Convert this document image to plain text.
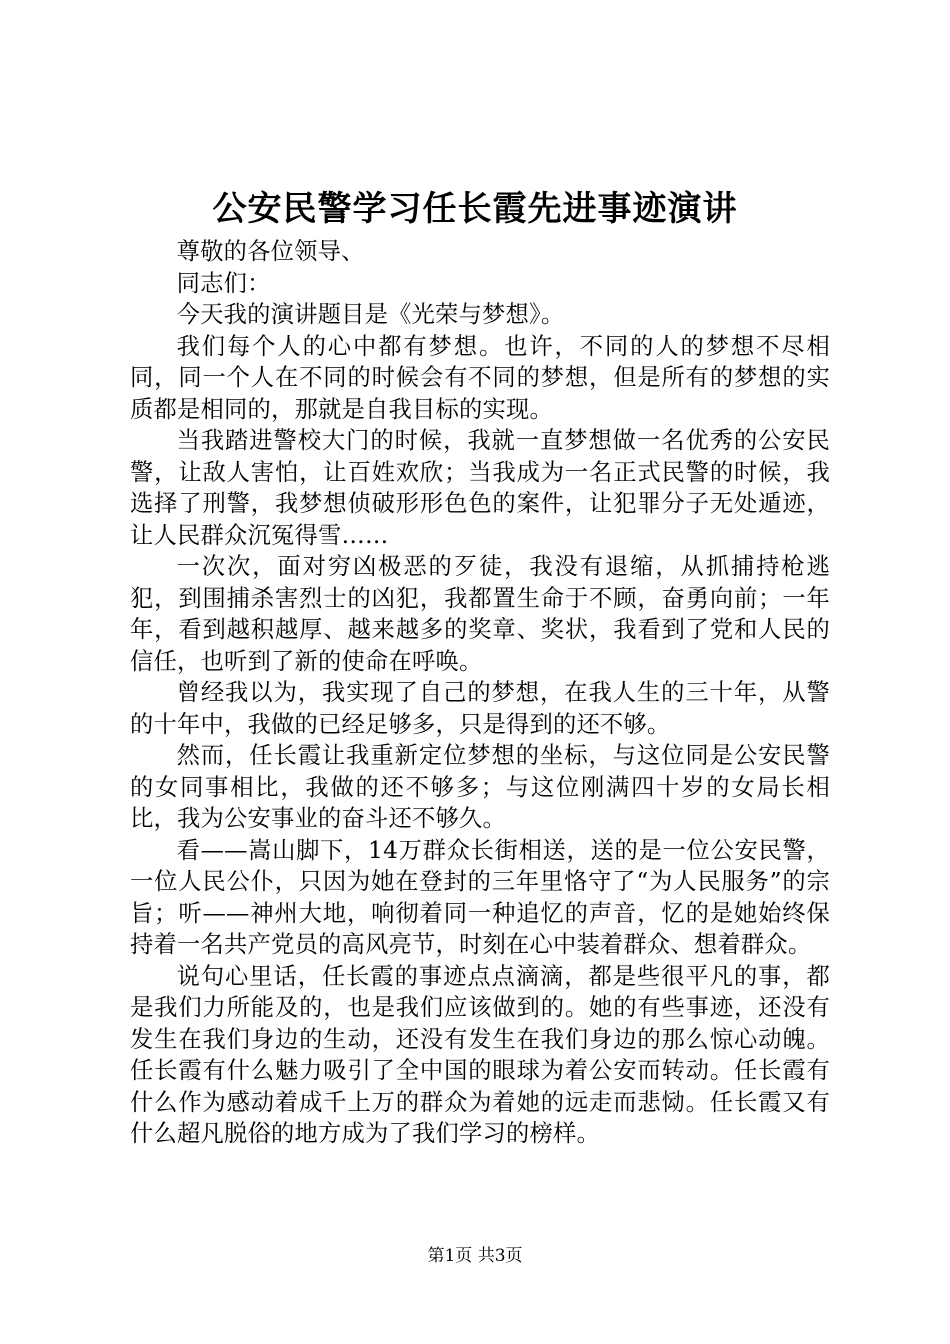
公安民警学习任长霞先进事迹演讲

尊敬的各位领导、

同志们：

今天我的演讲题目是《光荣与梦想》。

我们每个人的心中都有梦想。也许，不同的人的梦想不尽相同，同一个人在不同的时候会有不同的梦想，但是所有的梦想的实质都是相同的，那就是自我目标的实现。

当我踏进警校大门的时候，我就一直梦想做一名优秀的公安民警，让敌人害怕，让百姓欢欣；当我成为一名正式民警的时候，我选择了刑警，我梦想侦破形形色色的案件，让犯罪分子无处遁迹，让人民群众沉冤得雪……

一次次，面对穷凶极恶的歹徒，我没有退缩，从抓捕持枪逃犯，到围捕杀害烈士的凶犯，我都置生命于不顾，奋勇向前；一年年，看到越积越厚、越来越多的奖章、奖状，我看到了党和人民的信任，也听到了新的使命在呼唤。

曾经我以为，我实现了自己的梦想，在我人生的三十年，从警的十年中，我做的已经足够多，只是得到的还不够。

然而，任长霞让我重新定位梦想的坐标，与这位同是公安民警的女同事相比，我做的还不够多；与这位刚满四十岁的女局长相比，我为公安事业的奋斗还不够久。

看——嵩山脚下，14万群众长街相送，送的是一位公安民警，一位人民公仆，只因为她在登封的三年里恪守了“为人民服务”的宗旨；听——神州大地，响彻着同一种追忆的声音，忆的是她始终保持着一名共产党员的高风亮节，时刻在心中装着群众、想着群众。

说句心里话，任长霞的事迹点点滴滴，都是些很平凡的事，都是我们力所能及的，也是我们应该做到的。她的有些事迹，还没有发生在我们身边的生动，还没有发生在我们身边的那么惊心动魄。任长霞有什么魅力吸引了全中国的眼球为着公安而转动。任长霞有什么作为感动着成千上万的群众为着她的远走而悲恸。任长霞又有什么超凡脱俗的地方成为了我们学习的榜样。

第1页 共3页
